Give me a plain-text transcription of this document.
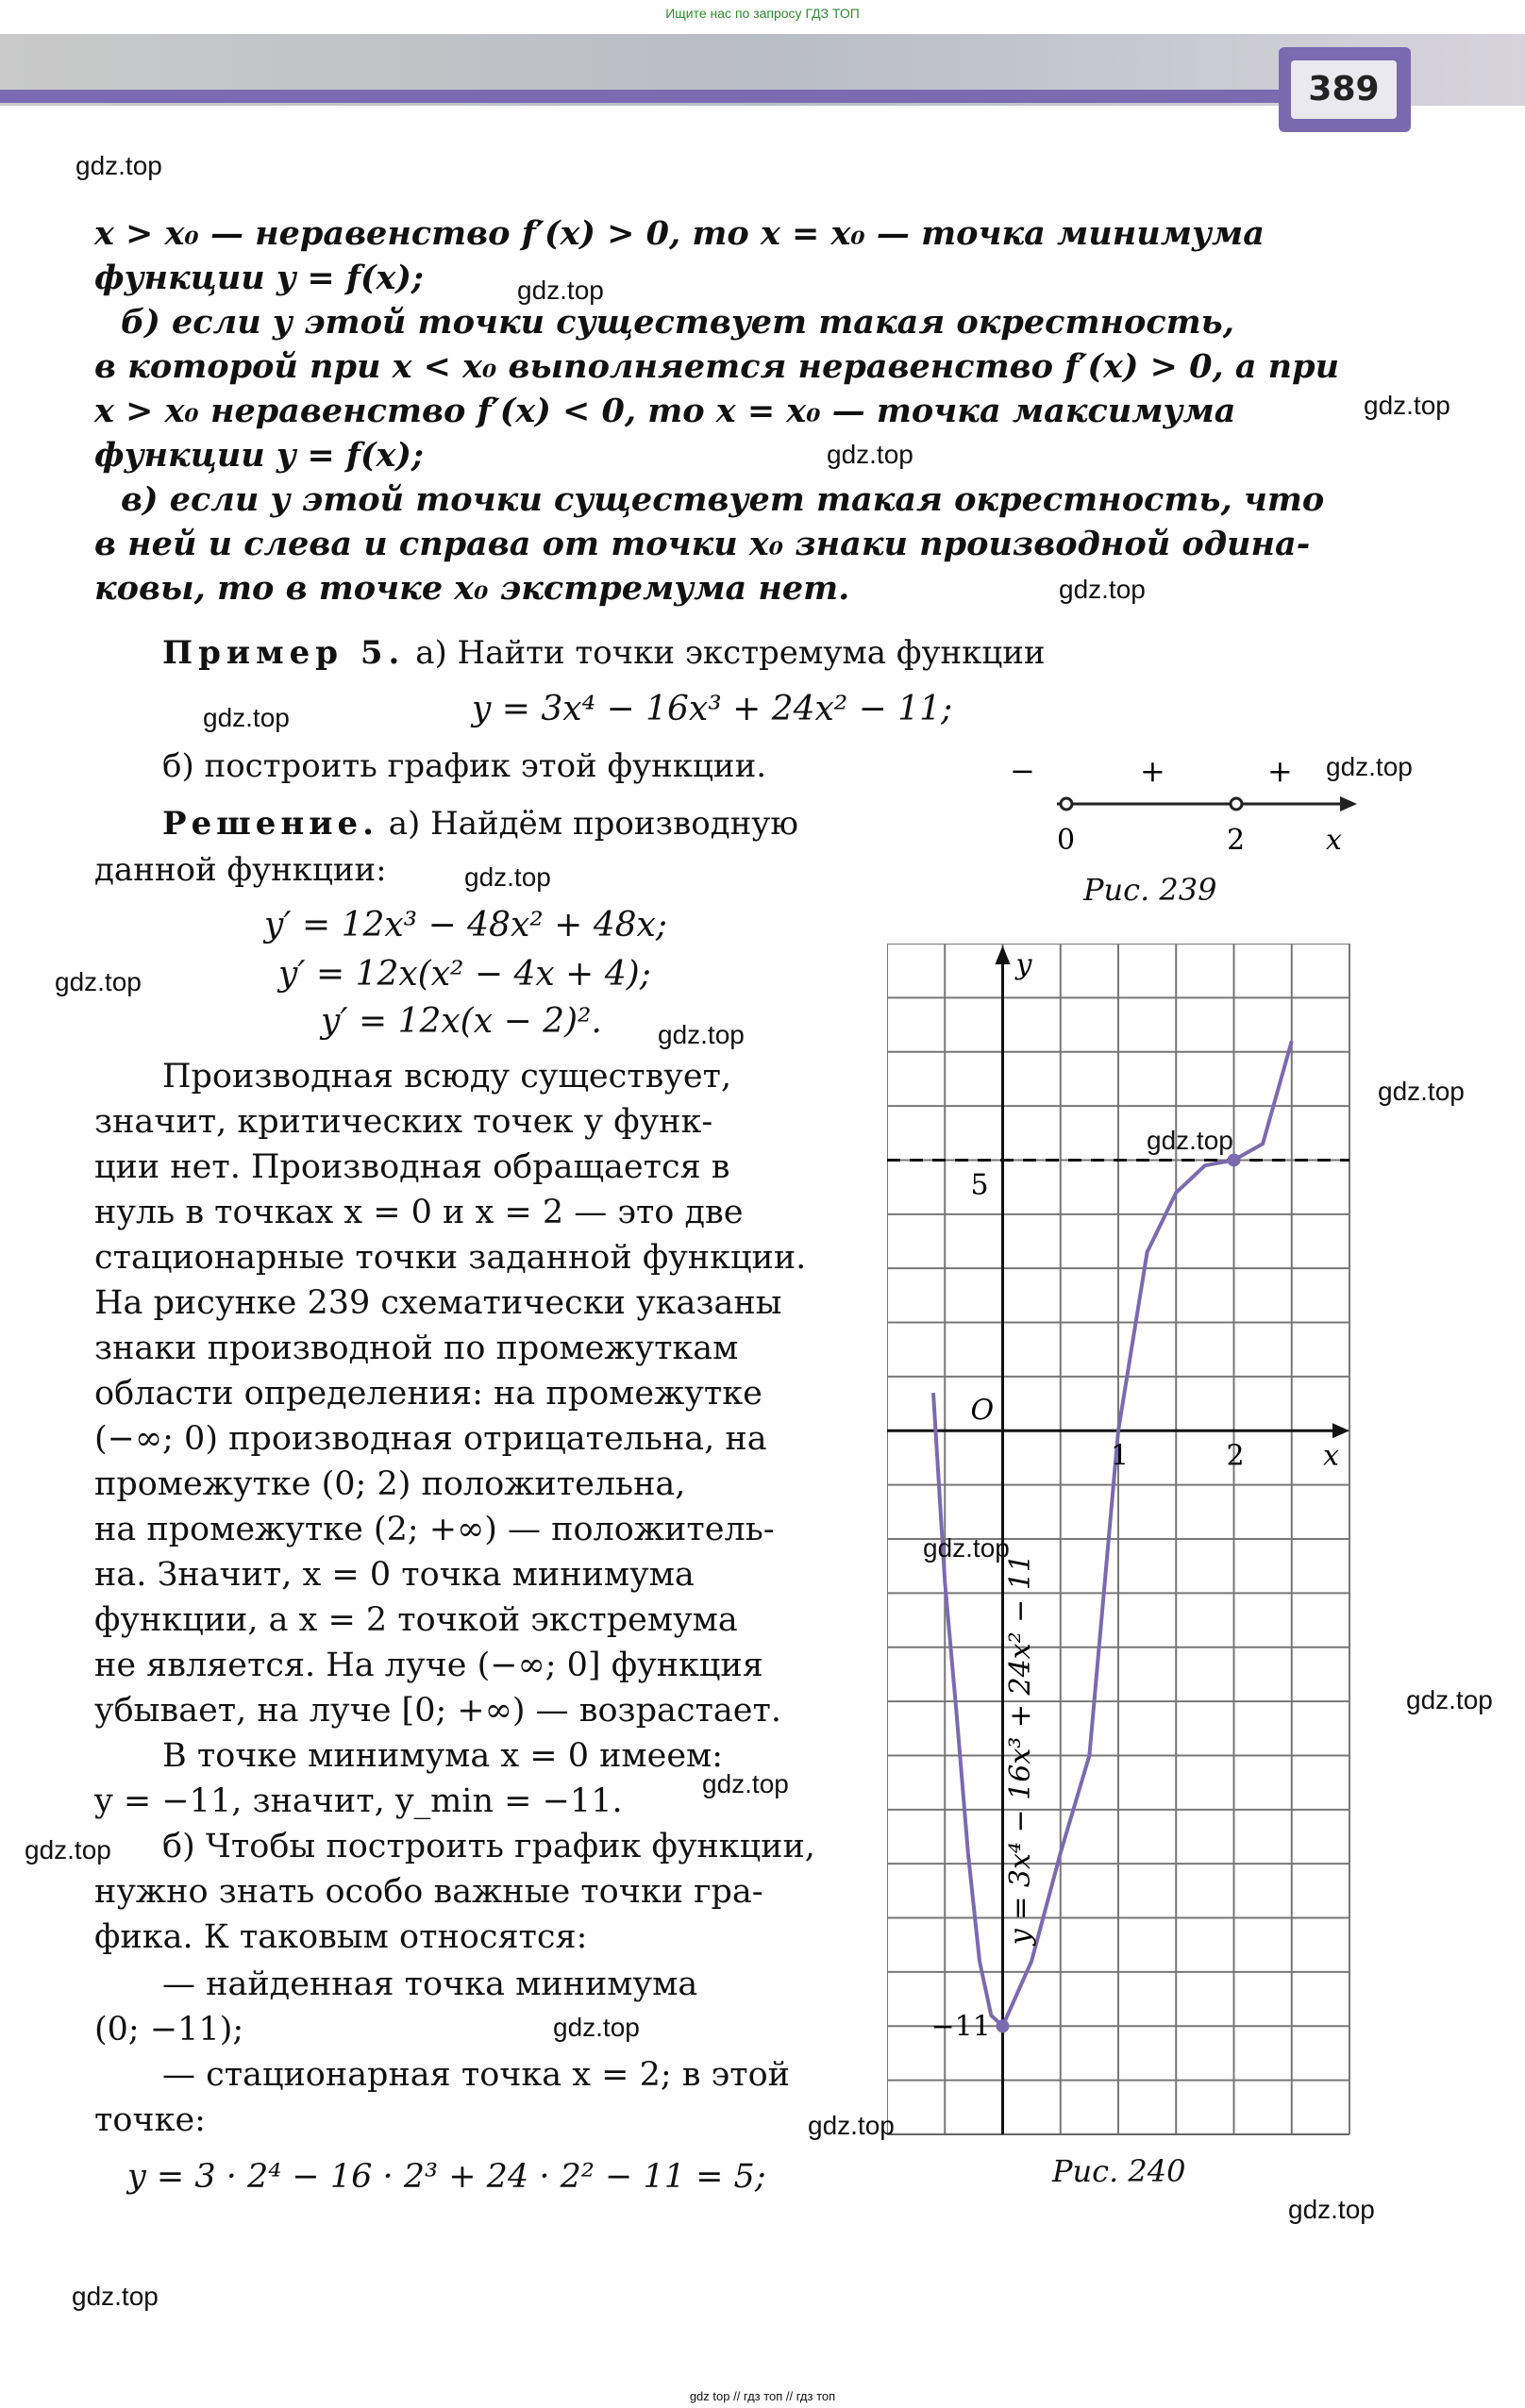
Ищите нас по запросу ГДЗ ТОП
389
x > x₀ — неравенство f′(x) > 0, то x = x₀ — точка минимума
функции y = f(x);
б) если у этой точки существует такая окрестность,
в которой при x < x₀ выполняется неравенство f′(x) > 0, а при
x > x₀ неравенство f′(x) < 0, то x = x₀ — точка максимума
функции y = f(x);
в) если у этой точки существует такая окрестность, что
в ней и слева и справа от точки x₀ знаки производной одина-
ковы, то в точке x₀ экстремума нет.
Пример 5. а) Найти точки экстремума функции
y = 3x⁴ − 16x³ + 24x² − 11;
б) построить график этой функции.
Решение. а) Найдём производную
данной функции:
y′ = 12x³ − 48x² + 48x;
y′ = 12x(x² − 4x + 4);
y′ = 12x(x − 2)².
Производная всюду существует,
значит, критических точек у функ-
ции нет. Производная обращается в
нуль в точках x = 0 и x = 2 — это две
стационарные точки заданной функции.
На рисунке 239 схематически указаны
знаки производной по промежуткам
области определения: на промежутке
(−∞; 0) производная отрицательна, на
промежутке (0; 2) положительна,
на промежутке (2; +∞) — положитель-
на. Значит, x = 0 точка минимума
функции, а x = 2 точкой экстремума
не является. На луче (−∞; 0] функция
убывает, на луче [0; +∞) — возрастает.
В точке минимума x = 0 имеем:
y = −11, значит, y_min = −11.
б) Чтобы построить график функции,
нужно знать особо важные точки гра-
фика. К таковым относятся:
— найденная точка минимума
(0; −11);
— стационарная точка x = 2; в этой
точке:
y = 3 · 2⁴ − 16 · 2³ + 24 · 2² − 11 = 5;
−	+	+
0	2	x
Рис. 239
y
x
O
1	2
5
−11
y = 3x⁴ − 16x³ + 24x² − 11
Рис. 240
gdz.top
gdz.top
gdz.top
gdz.top
gdz.top
gdz.top
gdz.top
gdz.top
gdz.top
gdz.top
gdz.top
gdz.top
gdz.top
gdz.top
gdz.top
gdz.top
gdz.top
gdz.top
gdz.top
gdz.top
gdz top // гдз топ // гдз топ
